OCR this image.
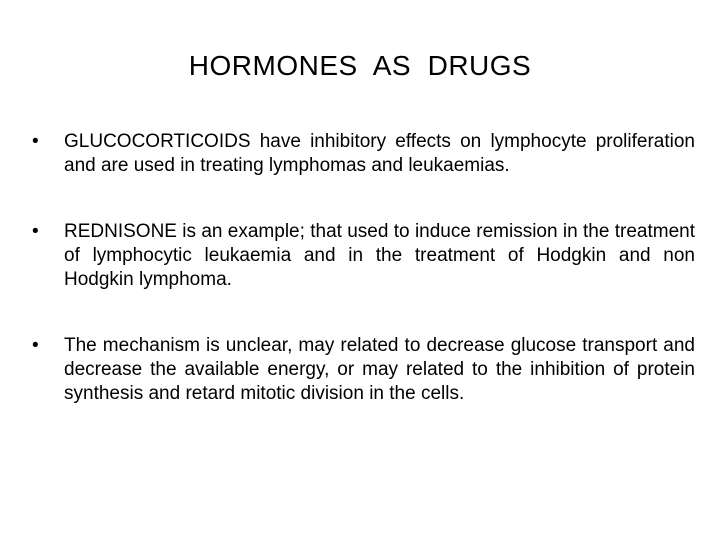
HORMONES  AS  DRUGS
• GLUCOCORTICOIDS have inhibitory effects on lymphocyte proliferation and are used in treating lymphomas and leukaemias.
• REDNISONE is an example; that used to induce remission in the treatment of lymphocytic leukaemia and in the treatment of Hodgkin and non Hodgkin lymphoma.
• The mechanism is unclear, may related to decrease glucose transport and decrease the available energy, or may related to the inhibition of protein synthesis and retard mitotic division in the cells.
